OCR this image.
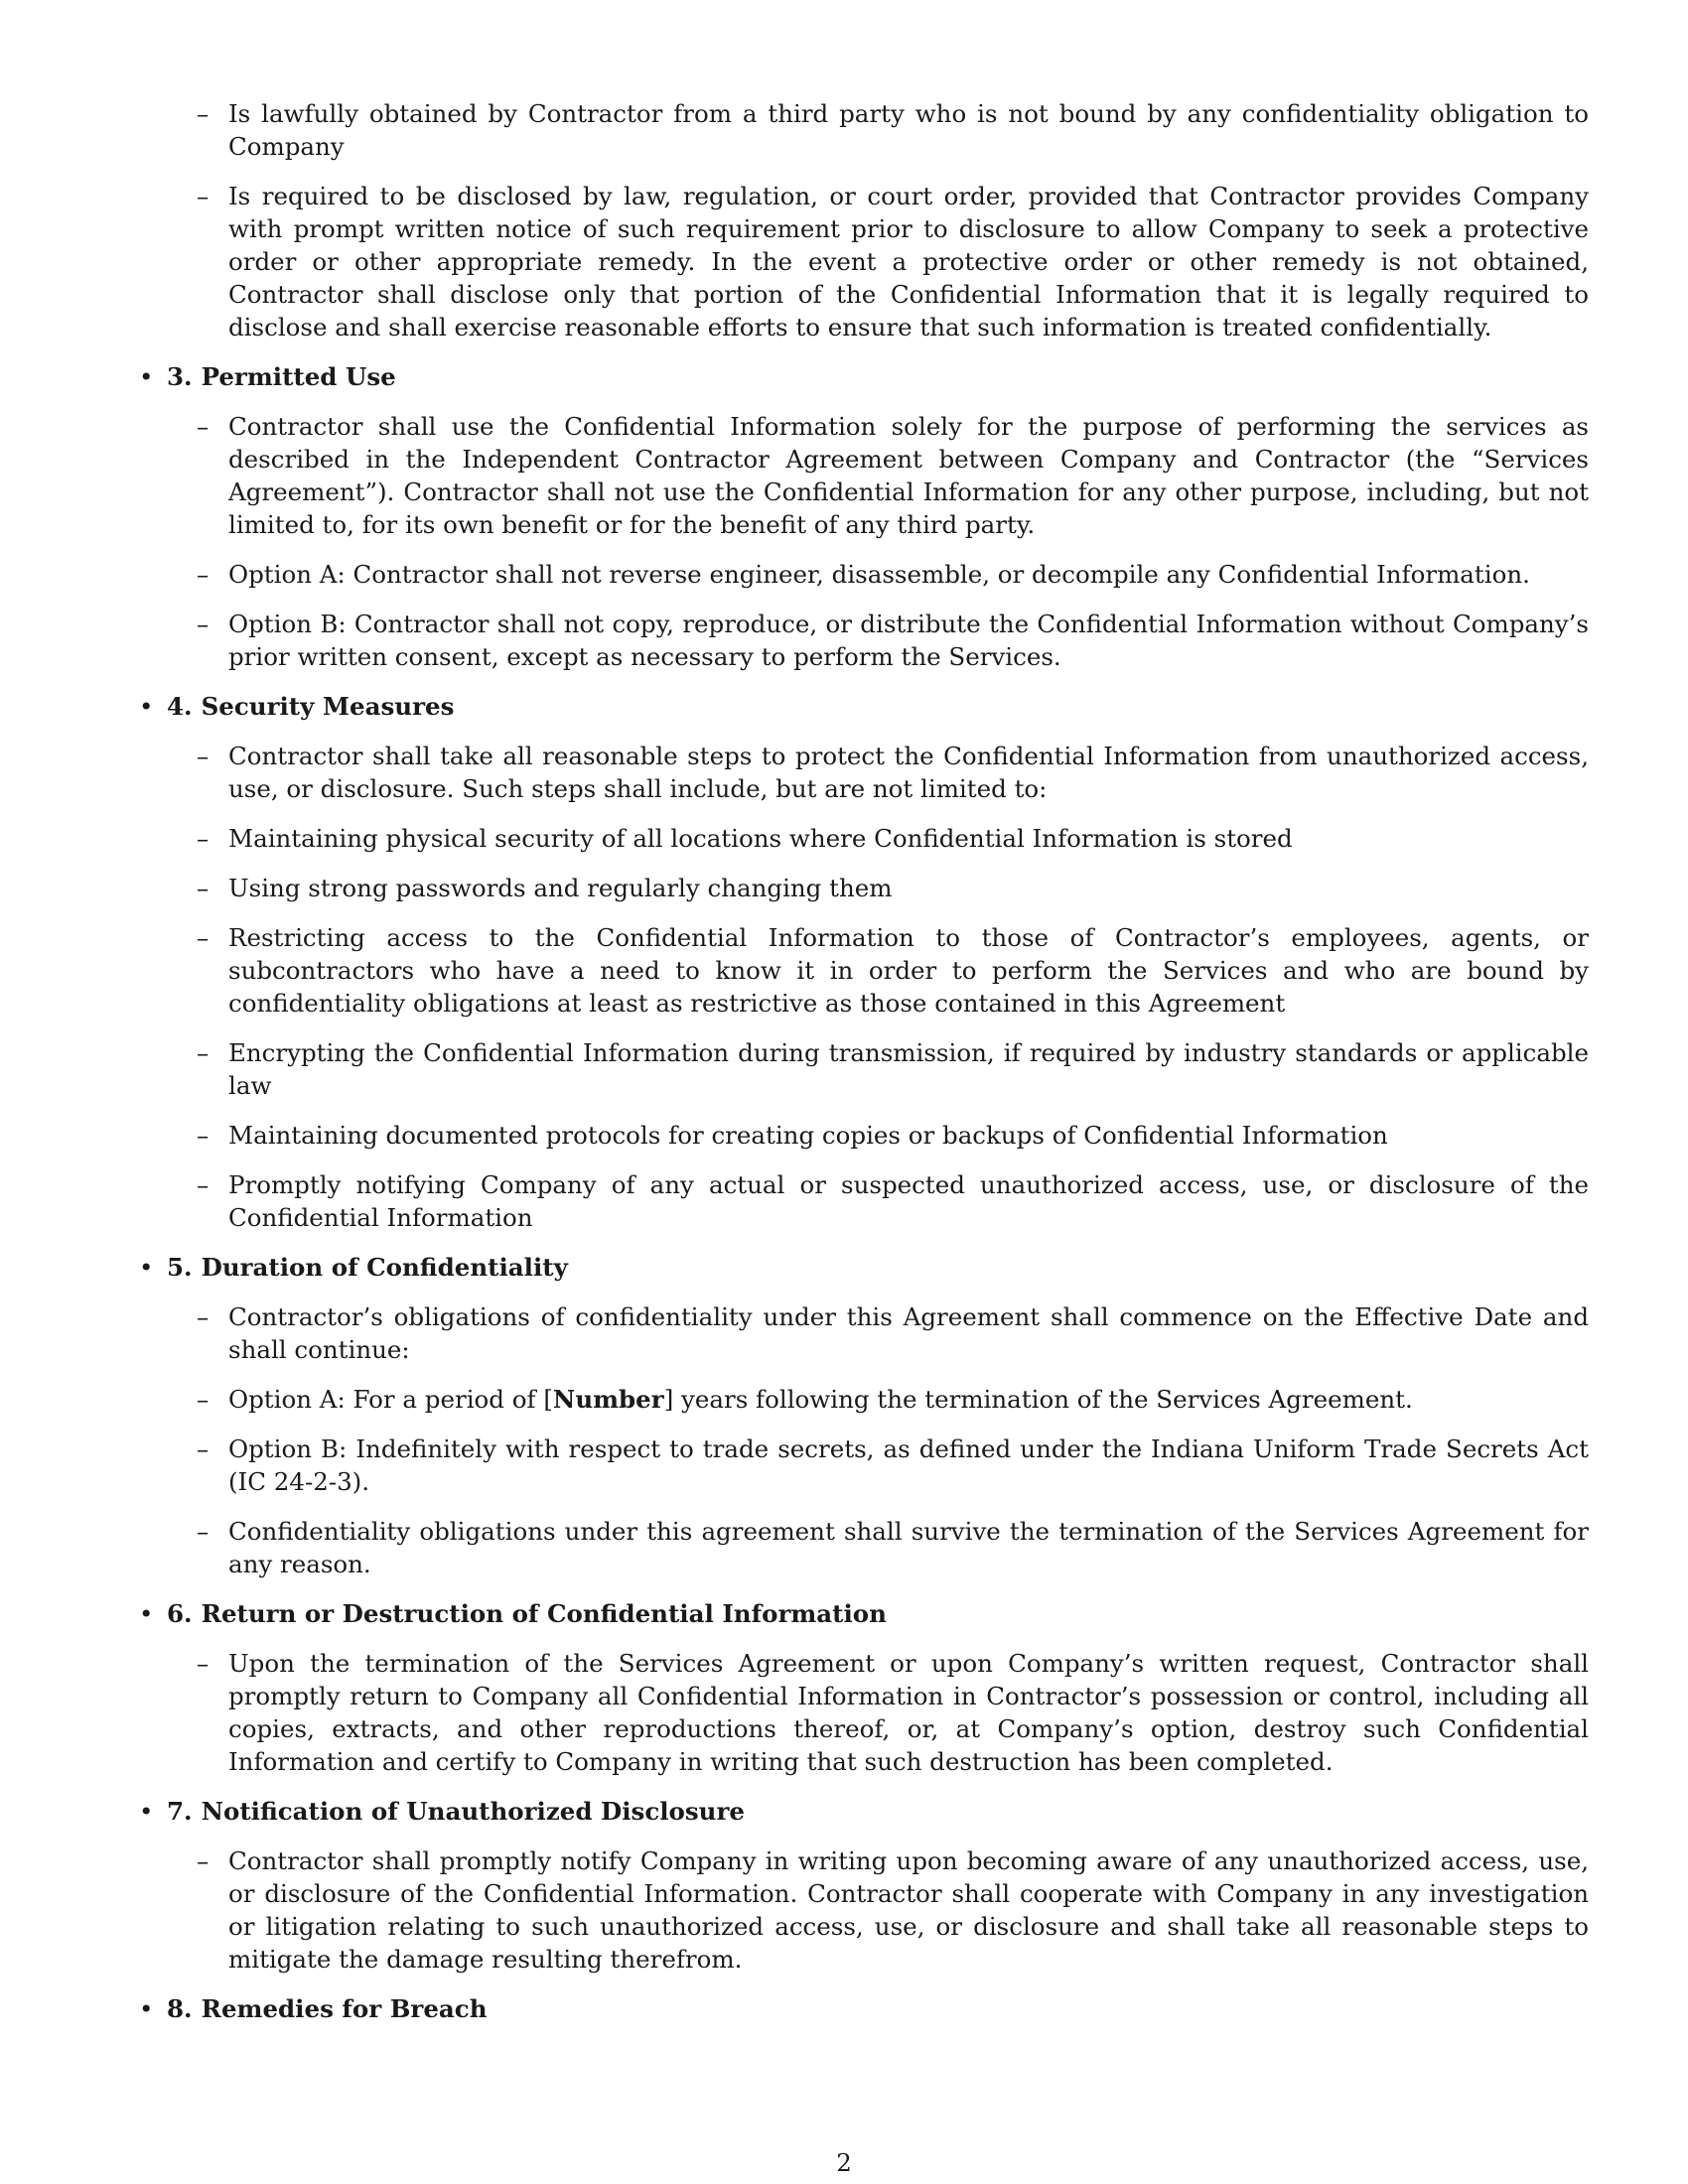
– Is lawfully obtained by Contractor from a third party who is not bound by any confidentiality obligation to Company
– Is required to be disclosed by law, regulation, or court order, provided that Contractor provides Company with prompt written notice of such requirement prior to disclosure to allow Company to seek a protective order or other appropriate remedy. In the event a protective order or other remedy is not obtained, Contractor shall disclose only that portion of the Confidential Information that it is legally required to disclose and shall exercise reasonable efforts to ensure that such information is treated confidentially.
• 3. Permitted Use
– Contractor shall use the Confidential Information solely for the purpose of performing the services as described in the Independent Contractor Agreement between Company and Contractor (the “Services Agreement”). Contractor shall not use the Confidential Information for any other purpose, including, but not limited to, for its own benefit or for the benefit of any third party.
– Option A: Contractor shall not reverse engineer, disassemble, or decompile any Confidential Information.
– Option B: Contractor shall not copy, reproduce, or distribute the Confidential Information without Company’s prior written consent, except as necessary to perform the Services.
• 4. Security Measures
– Contractor shall take all reasonable steps to protect the Confidential Information from unauthorized access, use, or disclosure. Such steps shall include, but are not limited to:
– Maintaining physical security of all locations where Confidential Information is stored
– Using strong passwords and regularly changing them
– Restricting access to the Confidential Information to those of Contractor’s employees, agents, or subcontractors who have a need to know it in order to perform the Services and who are bound by confidentiality obligations at least as restrictive as those contained in this Agreement
– Encrypting the Confidential Information during transmission, if required by industry standards or applicable law
– Maintaining documented protocols for creating copies or backups of Confidential Information
– Promptly notifying Company of any actual or suspected unauthorized access, use, or disclosure of the Confidential Information
• 5. Duration of Confidentiality
– Contractor’s obligations of confidentiality under this Agreement shall commence on the Effective Date and shall continue:
– Option A: For a period of [Number] years following the termination of the Services Agreement.
– Option B: Indefinitely with respect to trade secrets, as defined under the Indiana Uniform Trade Secrets Act (IC 24-2-3).
– Confidentiality obligations under this agreement shall survive the termination of the Services Agreement for any reason.
• 6. Return or Destruction of Confidential Information
– Upon the termination of the Services Agreement or upon Company’s written request, Contractor shall promptly return to Company all Confidential Information in Contractor’s possession or control, including all copies, extracts, and other reproductions thereof, or, at Company’s option, destroy such Confidential Information and certify to Company in writing that such destruction has been completed.
• 7. Notification of Unauthorized Disclosure
– Contractor shall promptly notify Company in writing upon becoming aware of any unauthorized access, use, or disclosure of the Confidential Information. Contractor shall cooperate with Company in any investigation or litigation relating to such unauthorized access, use, or disclosure and shall take all reasonable steps to mitigate the damage resulting therefrom.
• 8. Remedies for Breach
2
